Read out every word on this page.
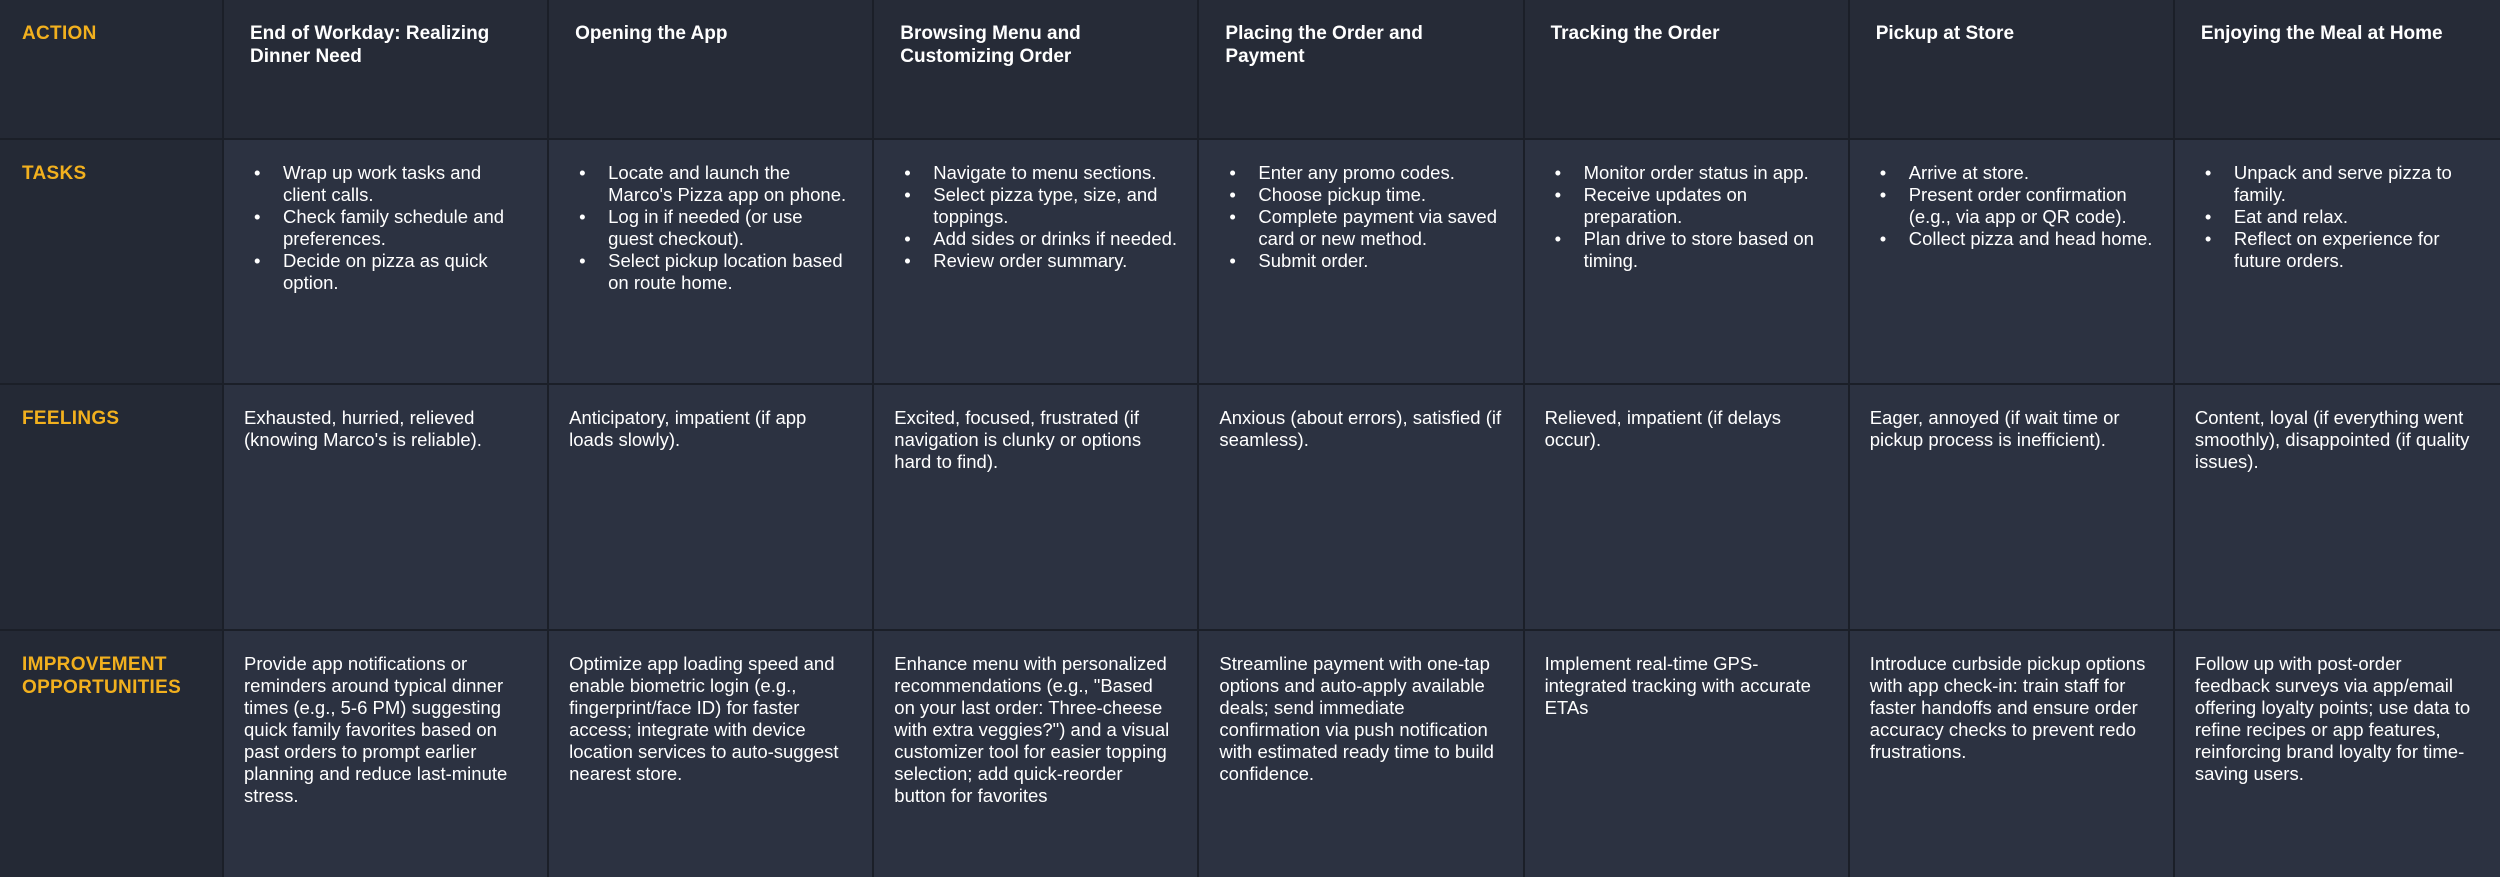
ACTION	End of Workday: Realizing Dinner Need
Opening the App	Browsing Menu and Customizing Order
Placing the Order and Payment
Tracking the Order	Pickup at Store	Enjoying the Meal at Home
TASKS
•	Wrap up work tasks and client calls.
• Check family schedule and preferences.
• Decide on pizza as quick option.
• Locate and launch the Marco's Pizza app on phone.
• Log in if needed (or use guest checkout).
• Select pickup location based on route home.
• Navigate to menu sections.
• Select pizza type, size, and toppings.
• Add sides or drinks if needed.
• Review order summary.
• Enter any promo codes.
• Choose pickup time.
• Complete payment via saved card or new method.
• Submit order.
• Monitor order status in app.
• Receive updates on preparation.
• Plan drive to store based on timing.
• Arrive at store.
• Present order confirmation (e.g., via app or QR code).
• Collect pizza and head home.
• Unpack and serve pizza to family.
• Eat and relax.
• Reflect on experience for future orders.
FEELINGS	Exhausted, hurried, relieved (knowing Marco's is reliable).

Anticipatory, impatient (if app loads slowly).

Excited, focused, frustrated (if navigation is clunky or options hard to find).

Anxious (about errors), satisfied (if seamless).

Relieved, impatient (if delays occur).

Eager, annoyed (if wait time or pickup process is inefficient).

Content, loyal (if everything went smoothly), disappointed (if quality issues).

IMPROVEMENT OPPORTUNITIES

Provide app notifications or reminders around typical dinner times (e.g., 5-6 PM) suggesting quick family favorites based on past orders to prompt earlier planning and reduce last-minute stress.

Optimize app loading speed and enable biometric login (e.g., fingerprint/face ID) for faster access; integrate with device location services to auto-suggest nearest store.

Enhance menu with personalized recommendations (e.g., "Based on your last order: Three-cheese with extra veggies?") and a visual customizer tool for easier topping selection; add quick-reorder button for favorites

Streamline payment with one-tap options and auto-apply available deals; send immediate confirmation via push notification with estimated ready time to build confidence.

Implement real-time GPS-integrated tracking with accurate ETAs

Introduce curbside pickup options with app check-in: train staff for faster handoffs and ensure order accuracy checks to prevent redo frustrations.

Follow up with post-order feedback surveys via app/email offering loyalty points; use data to refine recipes or app features, reinforcing brand loyalty for time-saving users.
